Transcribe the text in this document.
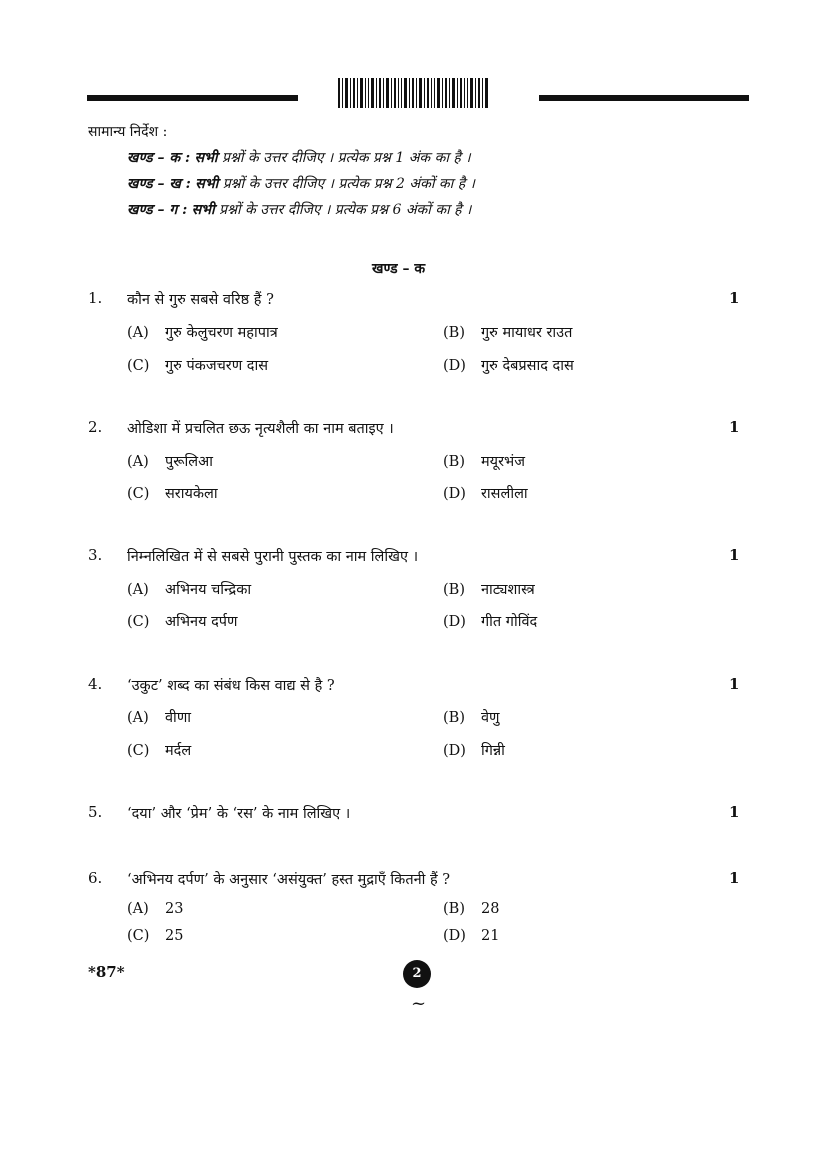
सामान्य निर्देश :
खण्ड – क : सभी प्रश्नों के उत्तर दीजिए । प्रत्येक प्रश्न 1 अंक का है ।
खण्ड – ख : सभी प्रश्नों के उत्तर दीजिए । प्रत्येक प्रश्न 2 अंकों का है ।
खण्ड – ग : सभी प्रश्नों के उत्तर दीजिए । प्रत्येक प्रश्न 6 अंकों का है ।
खण्ड – क
1. कौन से गुरु सबसे वरिष्ठ हैं ?	1
(A) गुरु केलुचरण महापात्र	(B) गुरु मायाधर राउत
(C) गुरु पंकजचरण दास	(D) गुरु देबप्रसाद दास
2. ओडिशा में प्रचलित छऊ नृत्यशैली का नाम बताइए ।	1
(A) पुरूलिआ	(B) मयूरभंज
(C) सरायकेला	(D) रासलीला
3. निम्नलिखित में से सबसे पुरानी पुस्तक का नाम लिखिए ।	1
(A) अभिनय चन्द्रिका	(B) नाट्यशास्त्र
(C) अभिनय दर्पण	(D) गीत गोविंद
4. ‘उकुट’ शब्द का संबंध किस वाद्य से है ?	1
(A) वीणा	(B) वेणु
(C) मर्दल	(D) गिन्नी
5. ‘दया’ और ‘प्रेम’ के ‘रस’ के नाम लिखिए ।	1
6. ‘अभिनय दर्पण’ के अनुसार ‘असंयुक्त’ हस्त मुद्राएँ कितनी हैं ?	1
(A) 23	(B) 28
(C) 25	(D) 21
*87*	2
~
